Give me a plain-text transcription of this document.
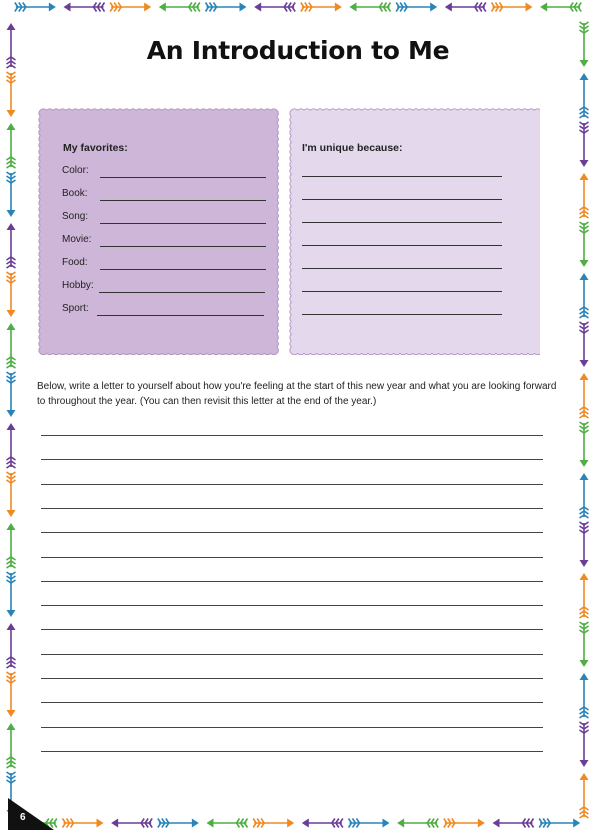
An Introduction to Me
My favorites:
Color:
Book:
Song:
Movie:
Food:
Hobby:
Sport:
I'm unique because:
Below, write a letter to yourself about how you're feeling at the start of this new year and what you are looking forward to throughout the year. (You can then revisit this letter at the end of the year.)
6
